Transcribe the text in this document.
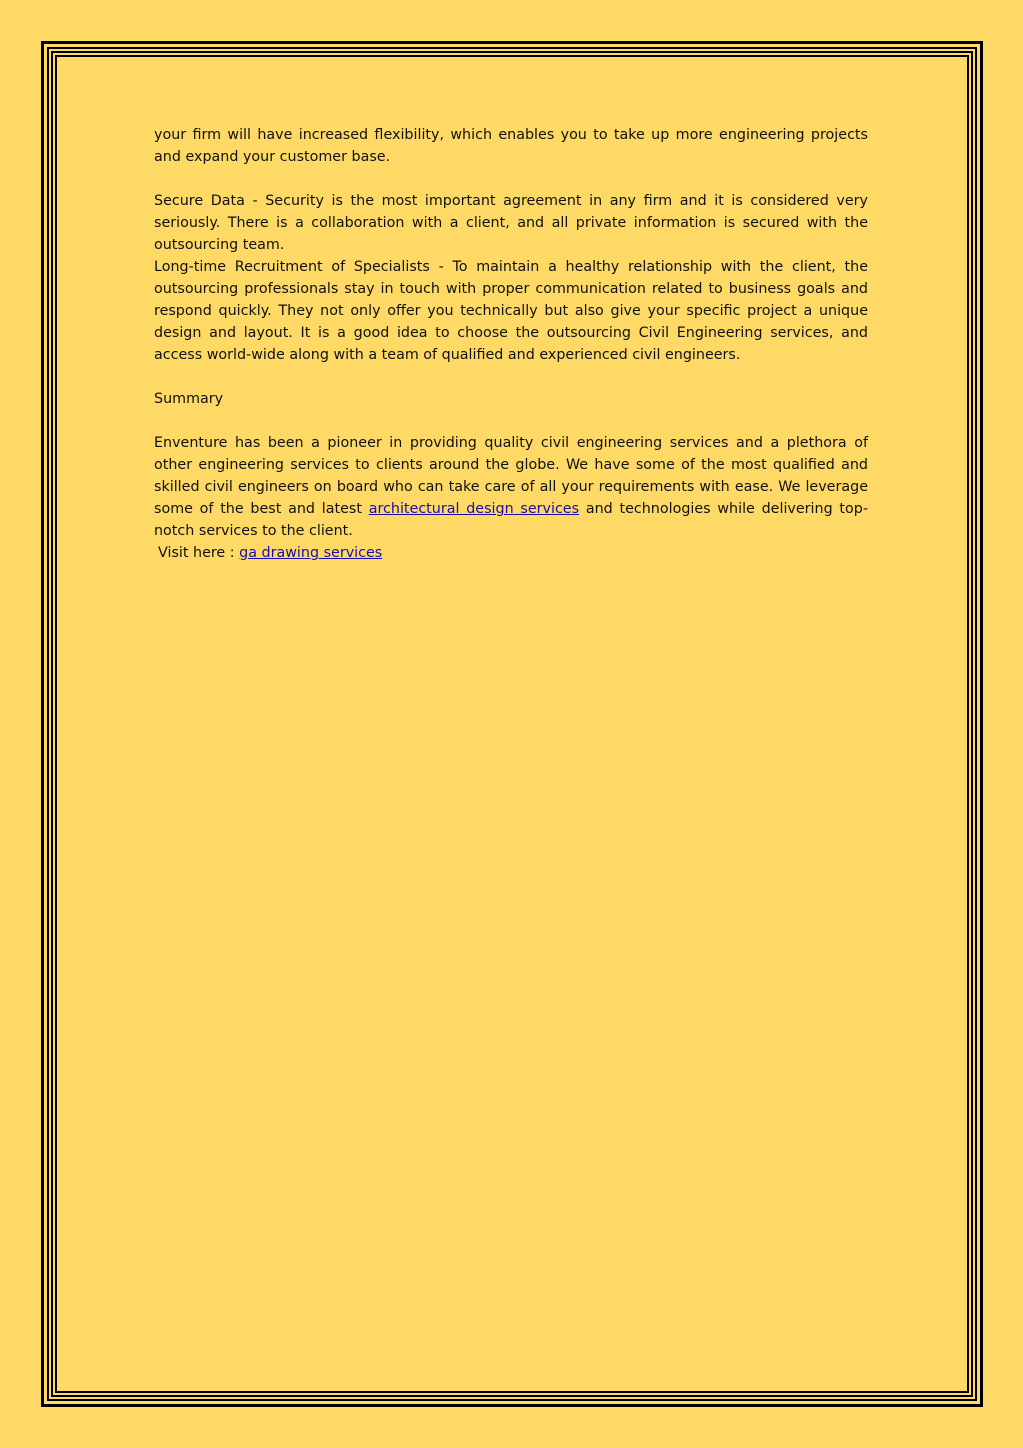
your firm will have increased flexibility, which enables you to take up more engineering projects and expand your customer base.

Secure Data - Security is the most important agreement in any firm and it is considered very seriously. There is a collaboration with a client, and all private information is secured with the outsourcing team.

Long-time Recruitment of Specialists - To maintain a healthy relationship with the client, the outsourcing professionals stay in touch with proper communication related to business goals and respond quickly. They not only offer you technically but also give your specific project a unique design and layout. It is a good idea to choose the outsourcing Civil Engineering services, and access world-wide along with a team of qualified and experienced civil engineers.

Summary

Enventure has been a pioneer in providing quality civil engineering services and a plethora of other engineering services to clients around the globe. We have some of the most qualified and skilled civil engineers on board who can take care of all your requirements with ease. We leverage some of the best and latest architectural design services and technologies while delivering top-notch services to the client.

Visit here : ga drawing services
